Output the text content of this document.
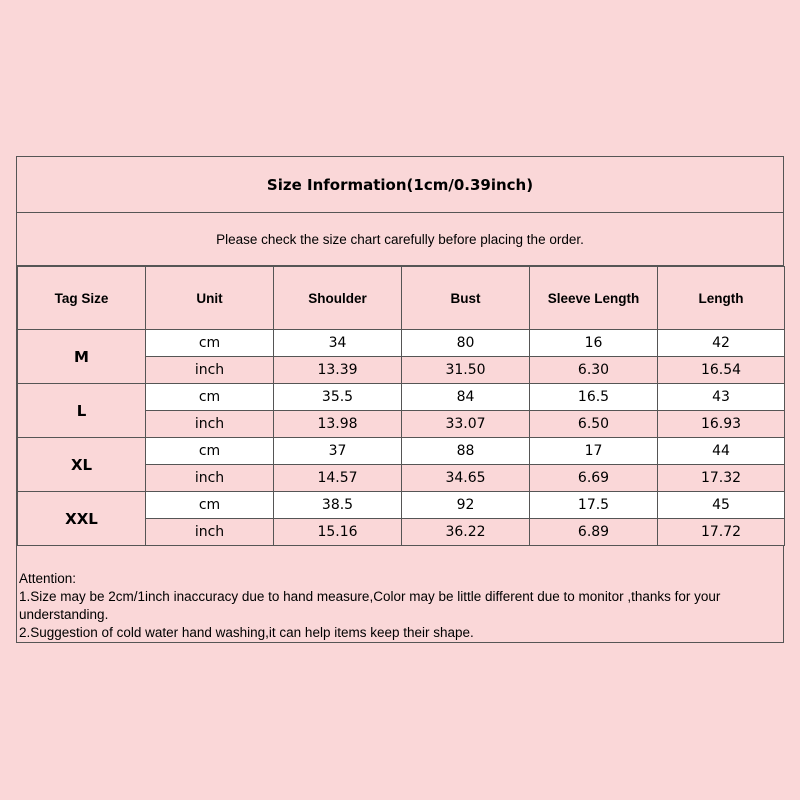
Size Information(1cm/0.39inch)
Please check the size chart carefully before placing the order.
Tag Size	Unit	Shoulder	Bust	Sleeve Length	Length
M	cm	34	80	16	42
	inch	13.39	31.50	6.30	16.54
L	cm	35.5	84	16.5	43
	inch	13.98	33.07	6.50	16.93
XL	cm	37	88	17	44
	inch	14.57	34.65	6.69	17.32
XXL	cm	38.5	92	17.5	45
	inch	15.16	36.22	6.89	17.72
Attention:
1.Size may be 2cm/1inch inaccuracy due to hand measure,Color may be little different due to monitor ,thanks for your understanding.
2.Suggestion of cold water hand washing,it can help items keep their shape.
